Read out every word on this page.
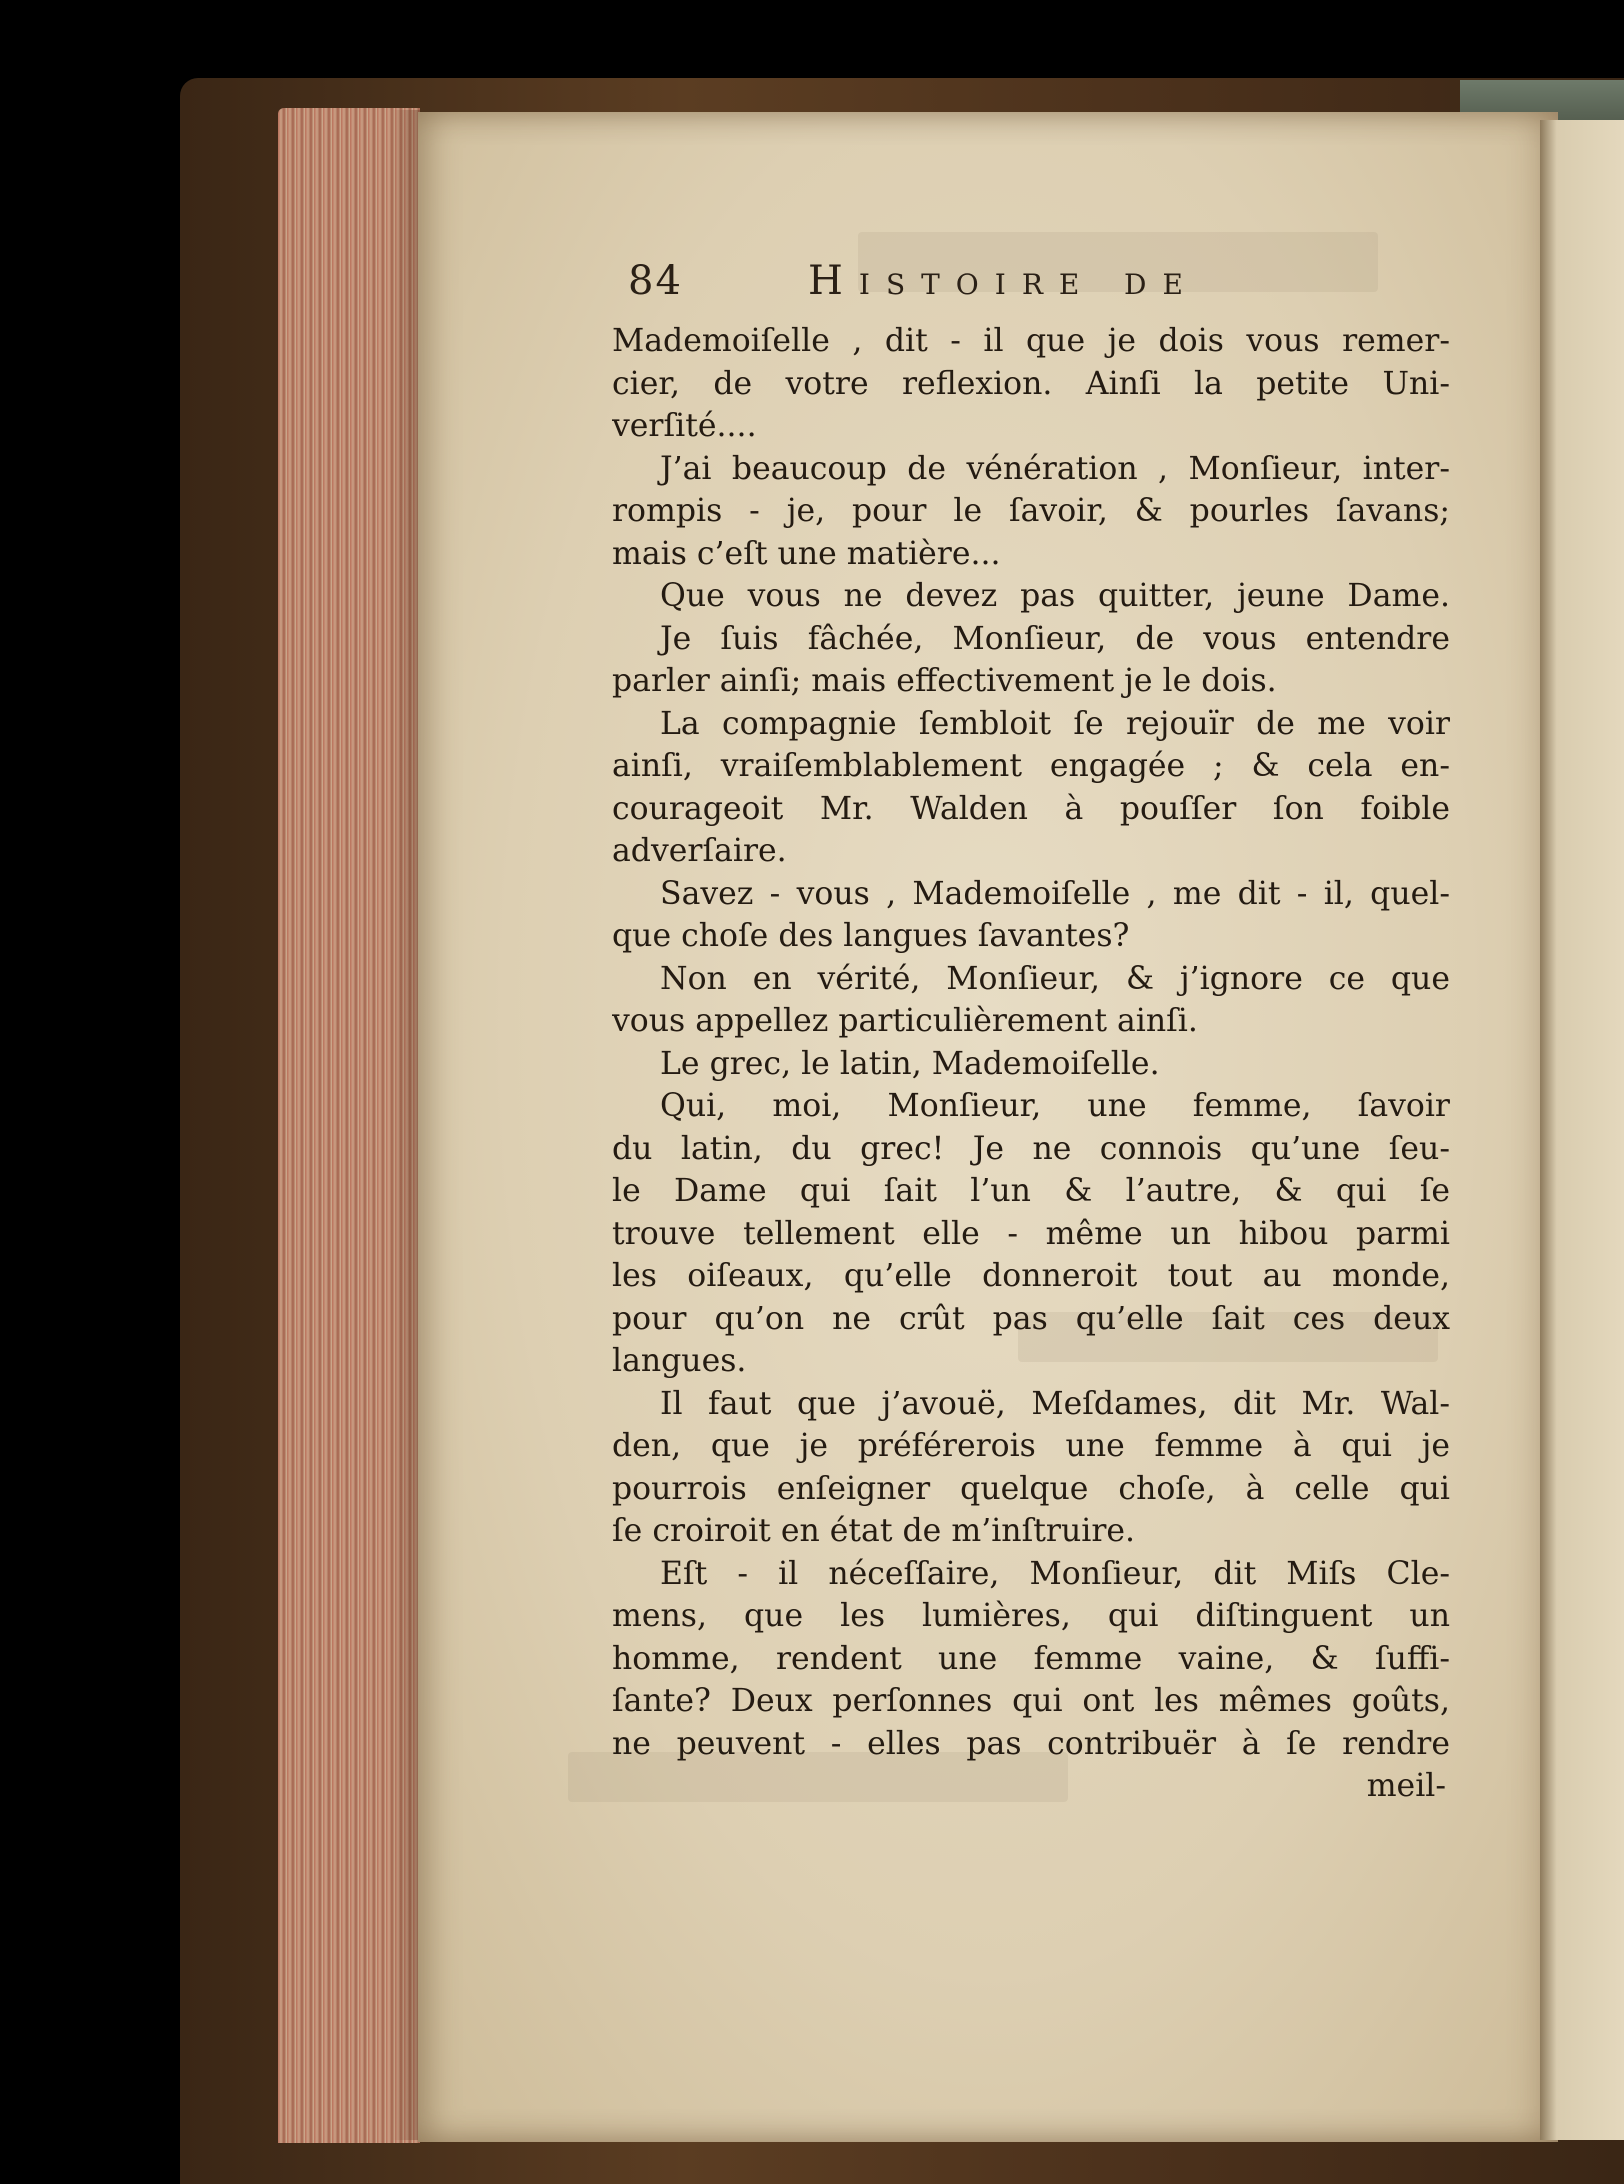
84	Histoire de
Mademoiſelle , dit - il que je dois vous remer-
cier, de votre reflexion. Ainſi la petite Uni-
verſité....
J’ai beaucoup de vénération , Monſieur, inter-
rompis - je, pour le ſavoir, & pourles ſavans;
mais c’eſt une matière...
Que vous ne devez pas quitter, jeune Dame.
Je ſuis fâchée, Monſieur, de vous entendre
parler ainſi; mais effectivement je le dois.
La compagnie ſembloit ſe rejouïr de me voir
ainſi, vraiſemblablement engagée ; & cela en-
courageoit Mr. Walden à pouſſer ſon foible
adverſaire.
Savez - vous , Mademoiſelle , me dit - il, quel-
que choſe des langues ſavantes?
Non en vérité, Monſieur, & j’ignore ce que
vous appellez particulièrement ainſi.
Le grec, le latin, Mademoiſelle.
Qui, moi, Monſieur, une femme, ſavoir
du latin, du grec! Je ne connois qu’une ſeu-
le Dame qui ſait l’un & l’autre, & qui ſe
trouve tellement elle - même un hibou parmi
les oiſeaux, qu’elle donneroit tout au monde,
pour qu’on ne crût pas qu’elle ſait ces deux
langues.
Il faut que j’avouë, Meſdames, dit Mr. Wal-
den, que je préférerois une femme à qui je
pourrois enſeigner quelque choſe, à celle qui
ſe croiroit en état de m’inſtruire.
Eſt - il néceſſaire, Monſieur, dit Miſs Cle-
mens, que les lumières, qui diſtinguent un
homme, rendent une femme vaine, & ſuffi-
ſante? Deux perſonnes qui ont les mêmes goûts,
ne peuvent - elles pas contribuër à ſe rendre
meil-
